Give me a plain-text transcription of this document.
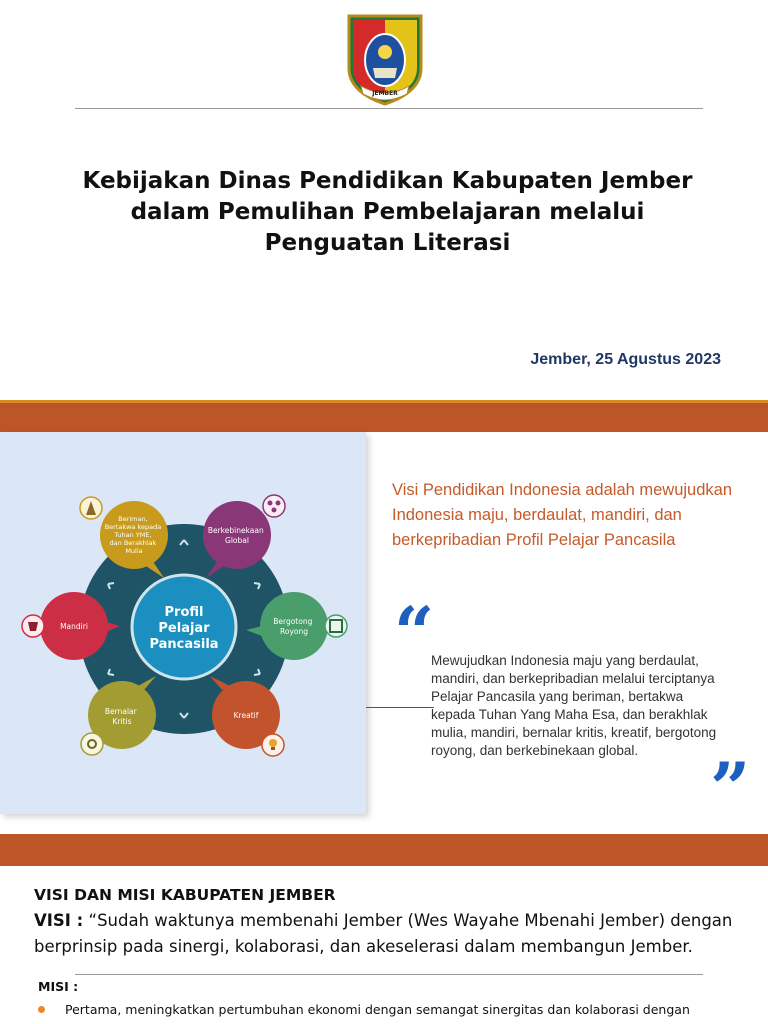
JEMBER
Kebijakan Dinas Pendidikan Kabupaten Jember
dalam Pemulihan Pembelajaran melalui
Penguatan Literasi
Jember, 25 Agustus 2023
Profil
Pelajar
Pancasila
Beriman, Bertakwa kepada Tuhan YME, dan Berakhlak Mulia
Berkebinekaan Global
Bergotong Royong
Kreatif
Bernalar Kritis
Mandiri

Visi Pendidikan Indonesia adalah mewujudkan Indonesia maju, berdaulat, mandiri, dan berkepribadian Profil Pelajar Pancasila

“

Mewujudkan Indonesia maju yang berdaulat, mandiri, dan berkepribadian melalui terciptanya Pelajar Pancasila yang beriman, bertakwa kepada Tuhan Yang Maha Esa, dan berakhlak mulia, mandiri, bernalar kritis, kreatif, bergotong royong, dan berkebinekaan global.	”
VISI DAN MISI KABUPATEN JEMBER

VISI : “Sudah waktunya membenahi Jember (Wes Wayahe Mbenahi Jember) dengan berprinsip pada sinergi, kolaborasi, dan akeselerasi dalam membangun Jember.

MISI :
Pertama, meningkatkan pertumbuhan ekonomi dengan semangat sinergitas dan kolaborasi dengan
